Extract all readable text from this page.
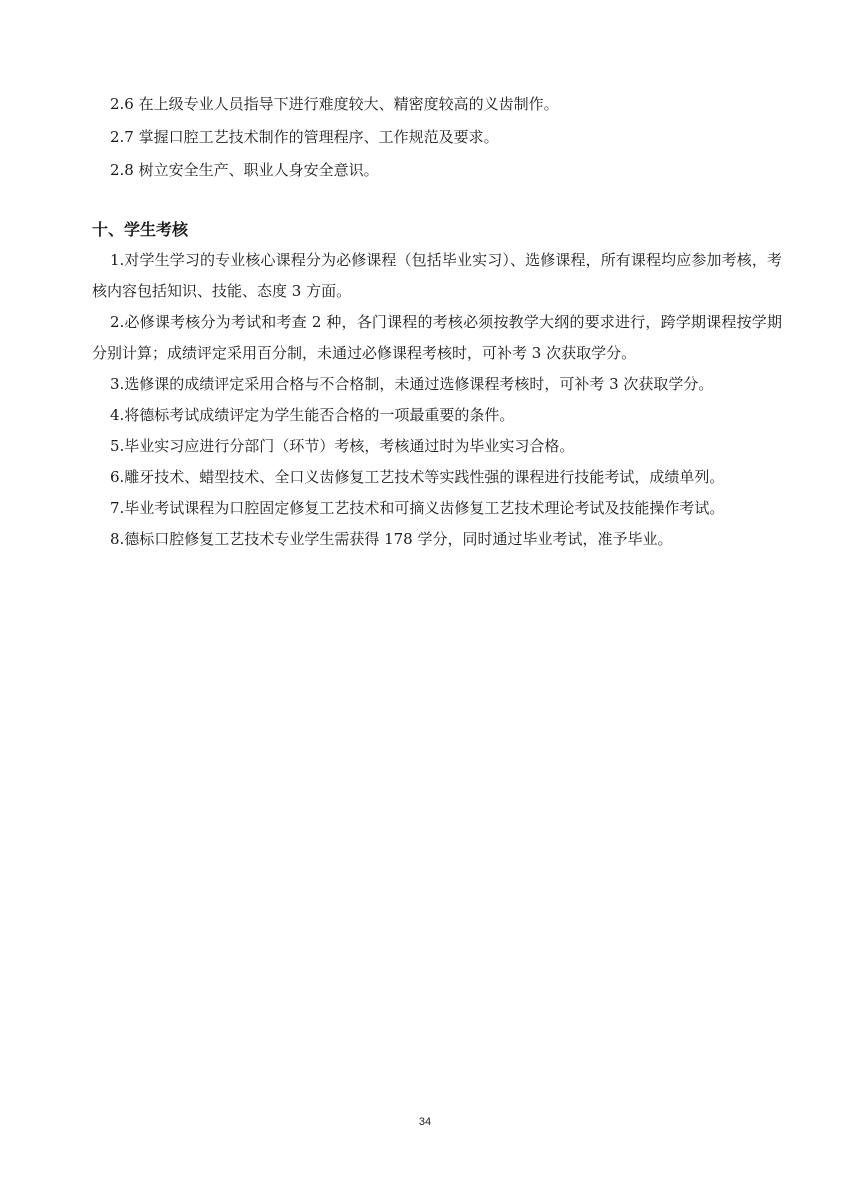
2.6 在上级专业人员指导下进行难度较大、精密度较高的义齿制作。
2.7 掌握口腔工艺技术制作的管理程序、工作规范及要求。
2.8 树立安全生产、职业人身安全意识。
十、学生考核

1.对学生学习的专业核心课程分为必修课程（包括毕业实习）、选修课程，所有课程均应参加考核，考核内容包括知识、技能、态度 3 方面。

2.必修课考核分为考试和考查 2 种，各门课程的考核必须按教学大纲的要求进行，跨学期课程按学期分别计算；成绩评定采用百分制，未通过必修课程考核时，可补考 3 次获取学分。

3.选修课的成绩评定采用合格与不合格制，未通过选修课程考核时，可补考 3 次获取学分。

4.将德标考试成绩评定为学生能否合格的一项最重要的条件。

5.毕业实习应进行分部门（环节）考核，考核通过时为毕业实习合格。

6.雕牙技术、蜡型技术、全口义齿修复工艺技术等实践性强的课程进行技能考试，成绩单列。

7.毕业考试课程为口腔固定修复工艺技术和可摘义齿修复工艺技术理论考试及技能操作考试。

8.德标口腔修复工艺技术专业学生需获得 178 学分，同时通过毕业考试，准予毕业。

34
